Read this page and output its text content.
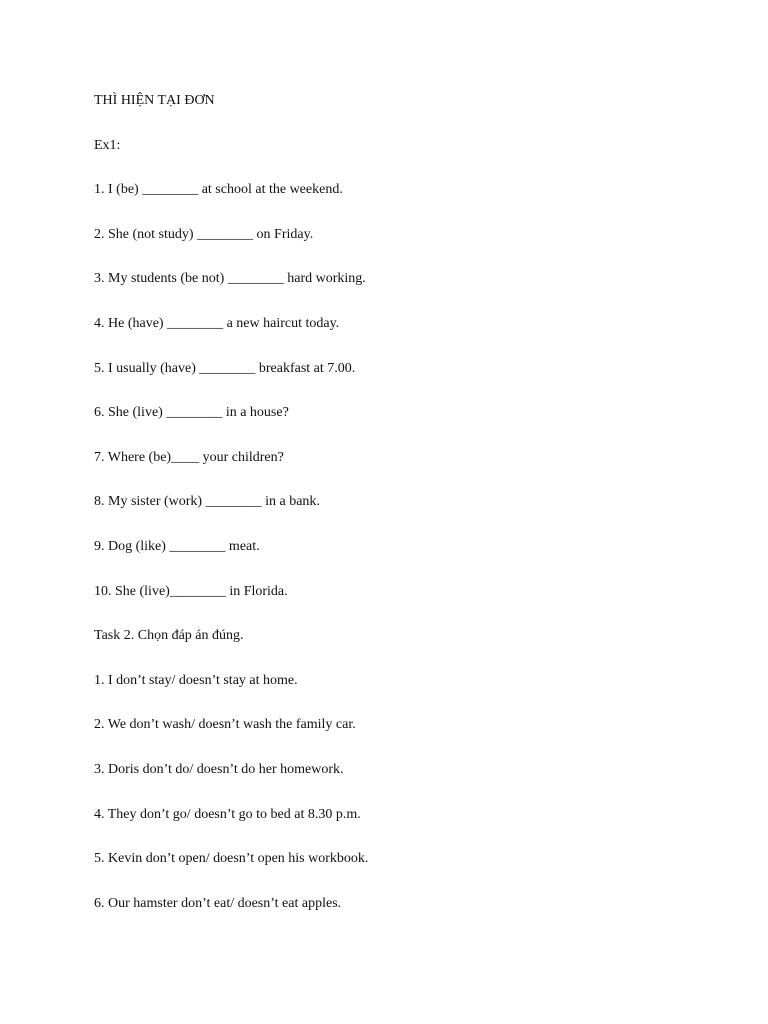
THÌ HIỆN TẠI ĐƠN
Ex1:
1. I (be) ________ at school at the weekend.
2. She (not study) ________ on Friday.
3. My students (be not) ________ hard working.
4. He (have) ________ a new haircut today.
5. I usually (have) ________ breakfast at 7.00.
6. She (live) ________ in a house?
7. Where (be)____ your children?
8. My sister (work) ________ in a bank.
9. Dog (like) ________ meat.
10. She (live)________ in Florida.
Task 2. Chọn đáp án đúng.
1. I don’t stay/ doesn’t stay at home.
2. We don’t wash/ doesn’t wash the family car.
3. Doris don’t do/ doesn’t do her homework.
4. They don’t go/ doesn’t go to bed at 8.30 p.m.
5. Kevin don’t open/ doesn’t open his workbook.
6. Our hamster don’t eat/ doesn’t eat apples.
